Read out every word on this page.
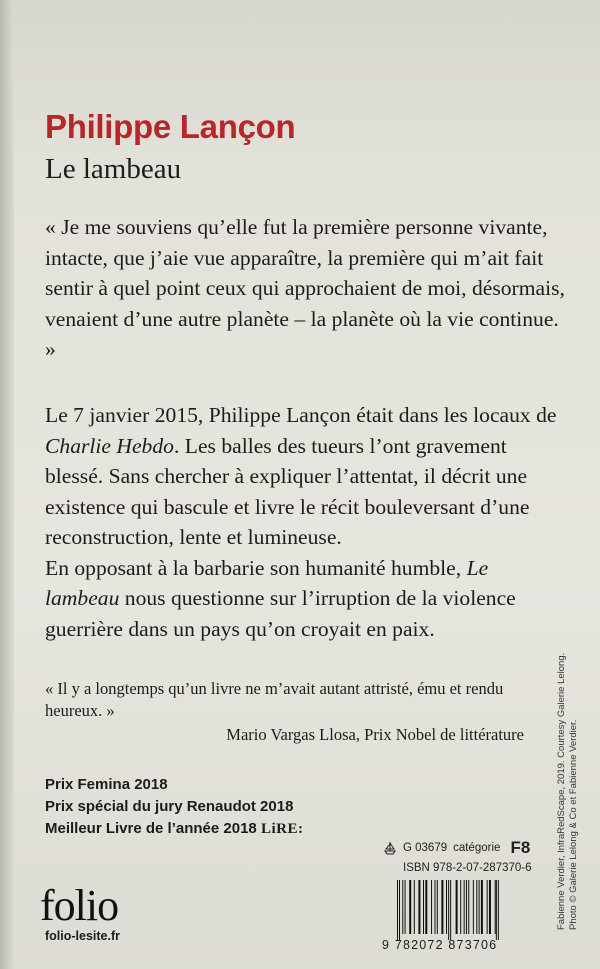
Philippe Lançon
Le lambeau
« Je me souviens qu’elle fut la première personne vivante, intacte, que j’aie vue apparaître, la première qui m’ait fait sentir à quel point ceux qui approchaient de moi, désormais, venaient d’une autre planète – la planète où la vie continue. »

Le 7 janvier 2015, Philippe Lançon était dans les locaux de Charlie Hebdo. Les balles des tueurs l’ont gravement blessé. Sans chercher à expliquer l’attentat, il décrit une existence qui bascule et livre le récit bouleversant d’une reconstruction, lente et lumineuse.

En opposant à la barbarie son humanité humble, Le lambeau nous questionne sur l’irruption de la violence guerrière dans un pays qu’on croyait en paix.

« Il y a longtemps qu’un livre ne m’avait autant attristé, ému et rendu heureux. »
Mario Vargas Llosa, Prix Nobel de littérature
Prix Femina 2018
Prix spécial du jury Renaudot 2018
Meilleur Livre de l’année 2018 LiRE:
folio
folio-lesite.fr
G 03679 catégorie F8
ISBN 978-2-07-287370-6
9 782072 873706
Fabienne Verdier, InfraRedScape, 2019. Courtesy Galerie Lelong. Photo © Galerie Lelong & Co et Fabienne Verdier.
